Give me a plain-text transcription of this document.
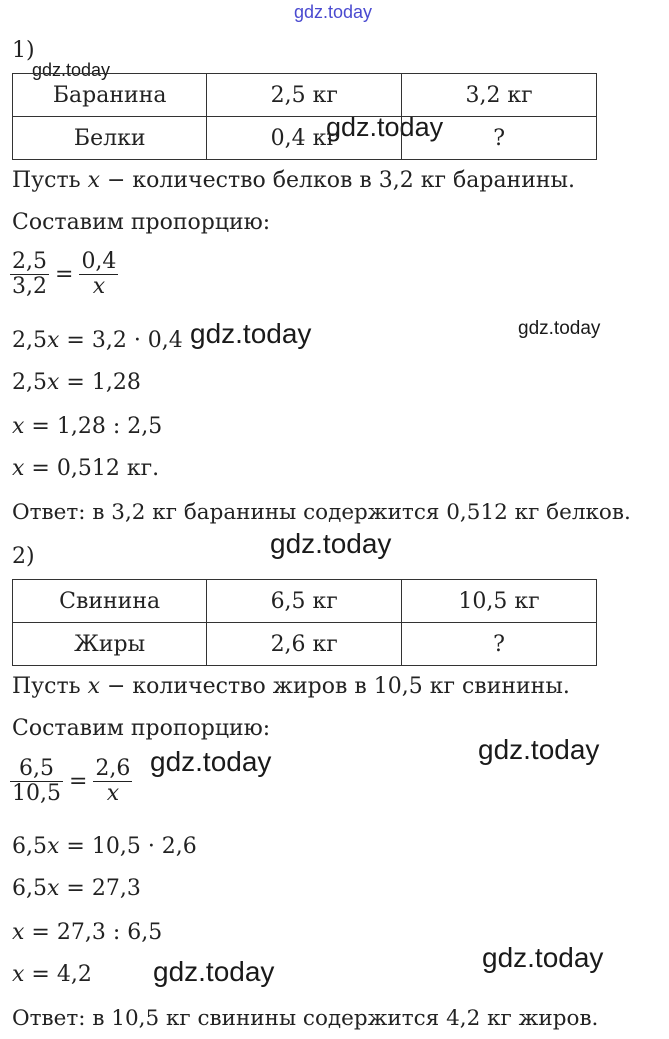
gdz.today
gdz.today
gdz.today
gdz.today	gdz.today
gdz.today
gdz.today
gdz.today
gdz.today
gdz.today
1)
Баранина	2,5 кг	3,2 кг
Белки	0,4 кг	?
Пусть x − количество белков в 3,2 кг баранины.
Составим пропорцию:
2,5
3,2 =
0,4
x
2,5x = 3,2 · 0,4
2,5x = 1,28
x = 1,28 : 2,5
x = 0,512 кг.
Ответ: в 3,2 кг баранины содержится 0,512 кг белков.
2)
Свинина	6,5 кг	10,5 кг
Жиры	2,6 кг	?
Пусть x − количество жиров в 10,5 кг свинины.
Составим пропорцию:
6,5
10,5 =
2,6
x
6,5x = 10,5 · 2,6
6,5x = 27,3
x = 27,3 : 6,5
x = 4,2
Ответ: в 10,5 кг свинины содержится 4,2 кг жиров.
